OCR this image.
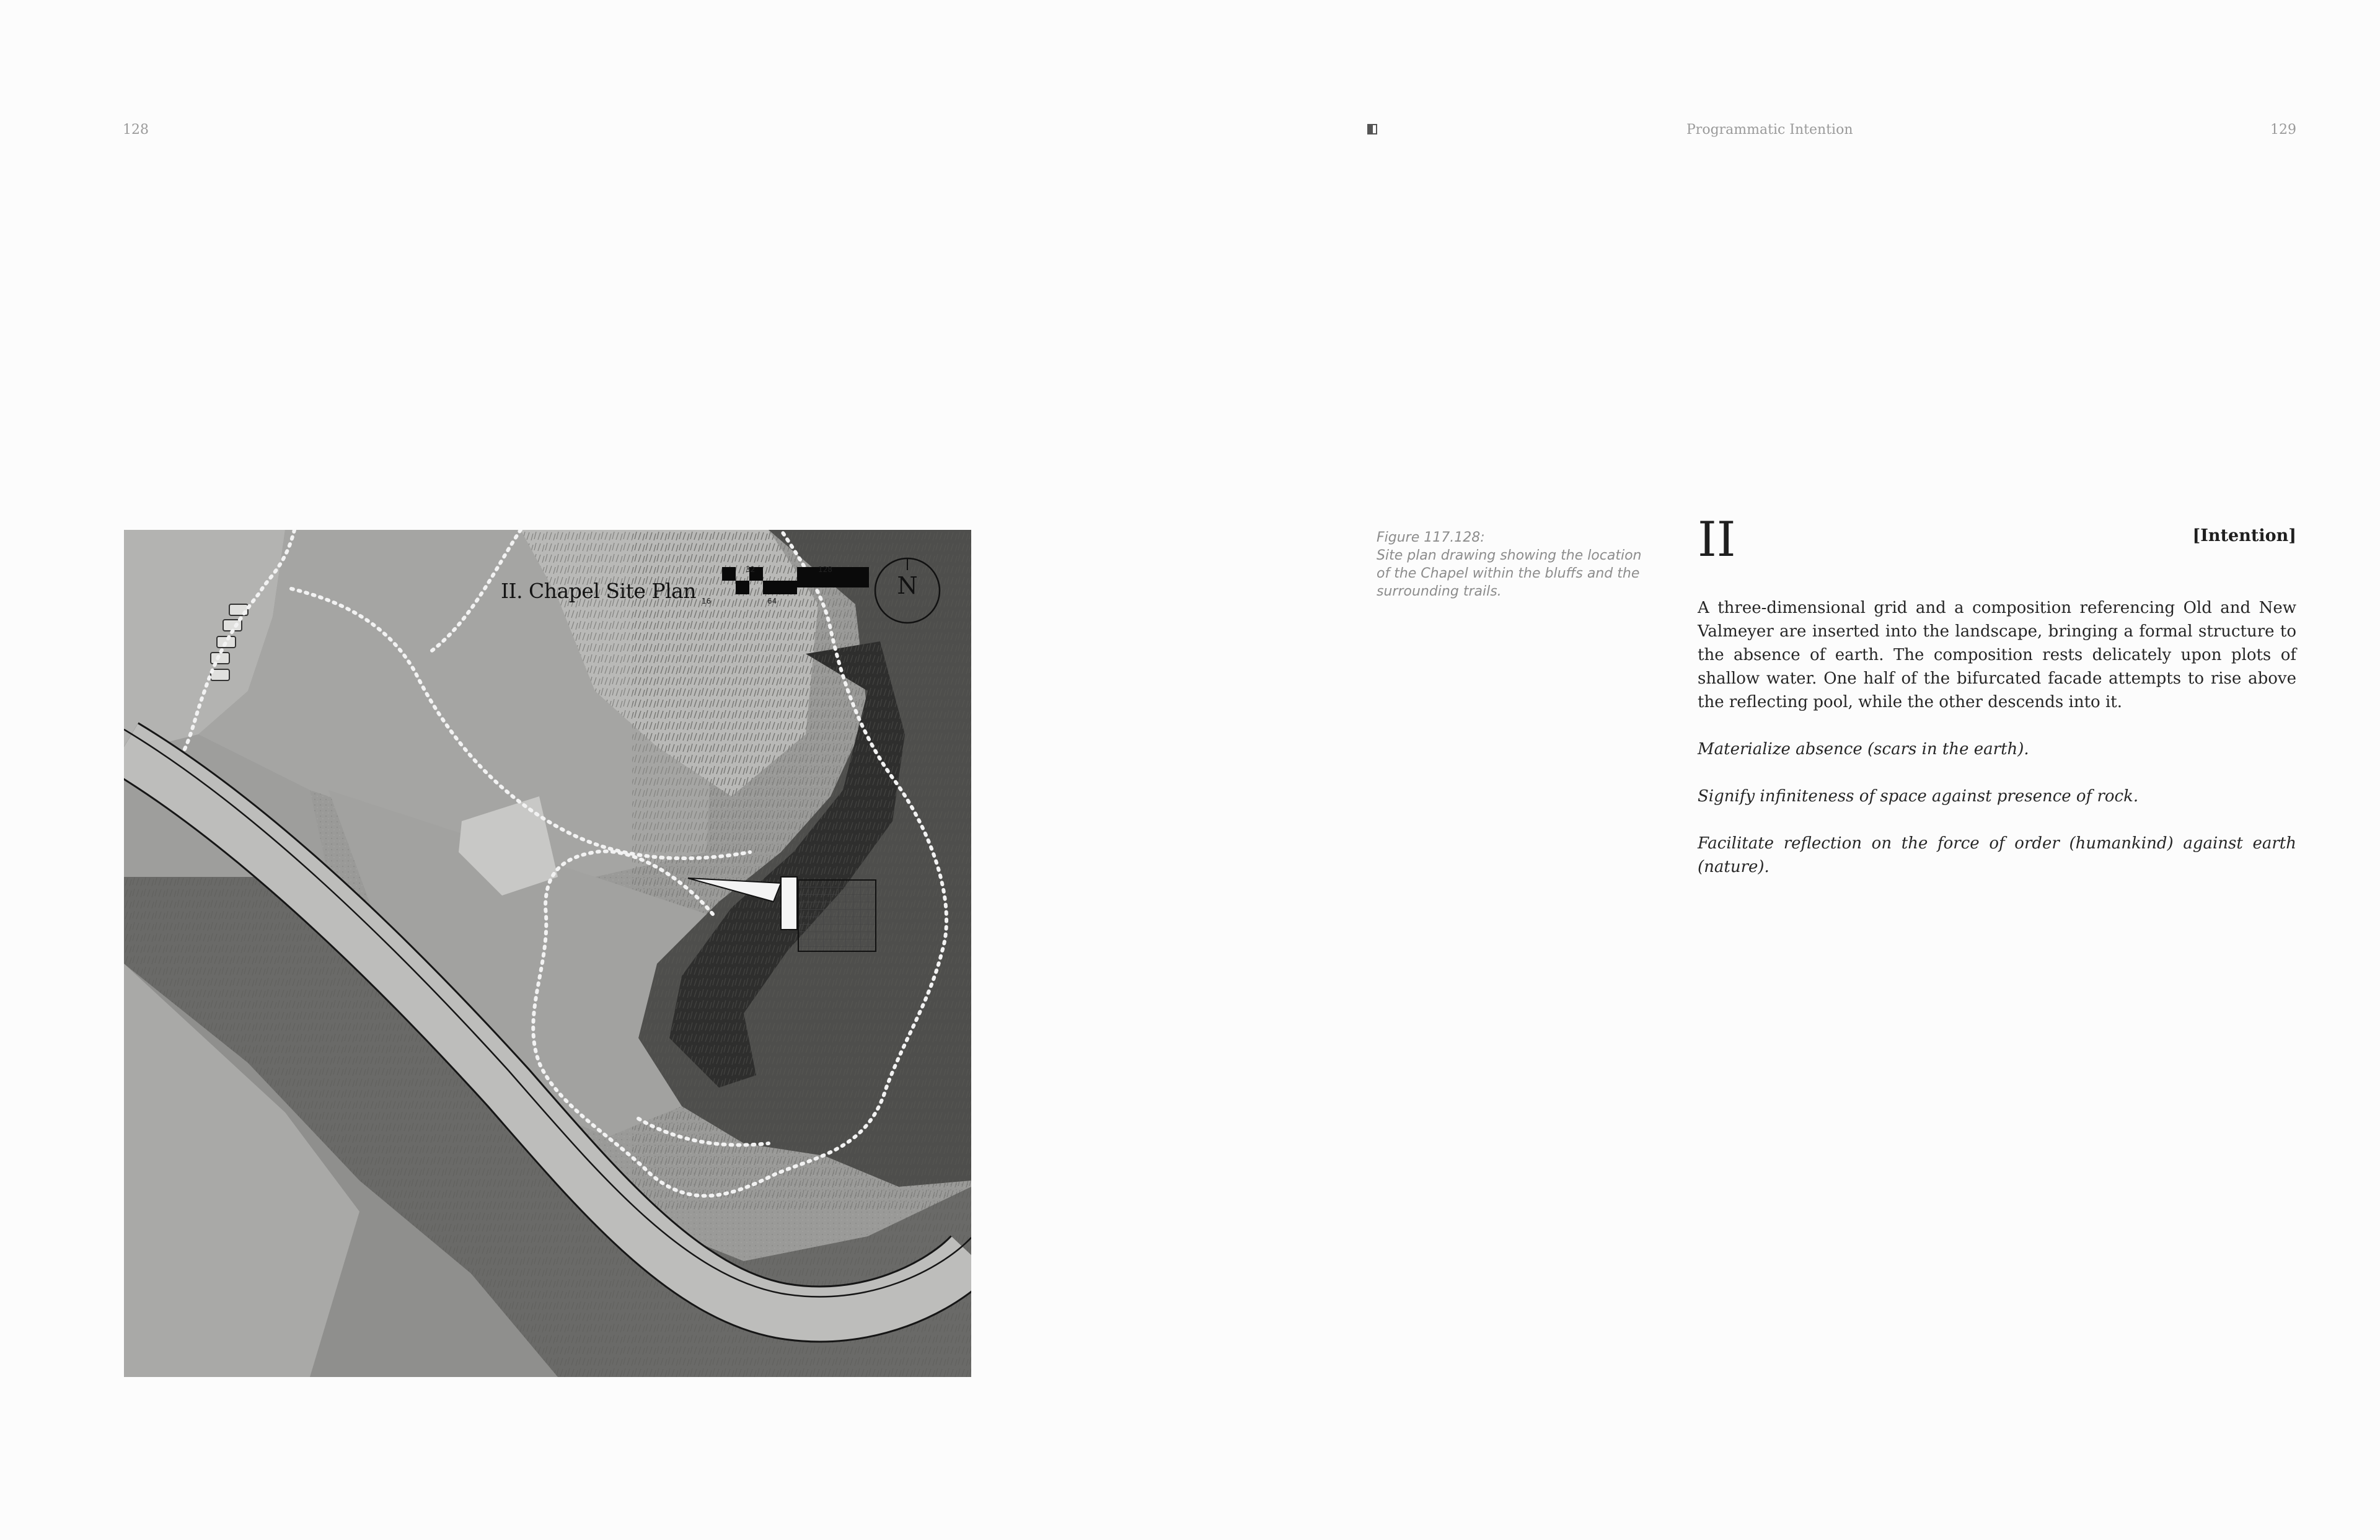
128
II. Chapel Site Plan
32	128
16	64
N
Programmatic Intention	129
Figure 117.128:
Site plan drawing showing the location of the Chapel within the bluffs and the surrounding trails.
II	[Intention]

A three-dimensional grid and a composition referencing Old and New Valmeyer are inserted into the landscape, bringing a formal structure to the absence of earth. The composition rests delicately upon plots of shallow water. One half of the bifurcated facade attempts to rise above the reflecting pool, while the other descends into it.

Materialize absence (scars in the earth).

Signify infiniteness of space against presence of rock.

Facilitate reflection on the force of order (humankind) against earth (nature).
